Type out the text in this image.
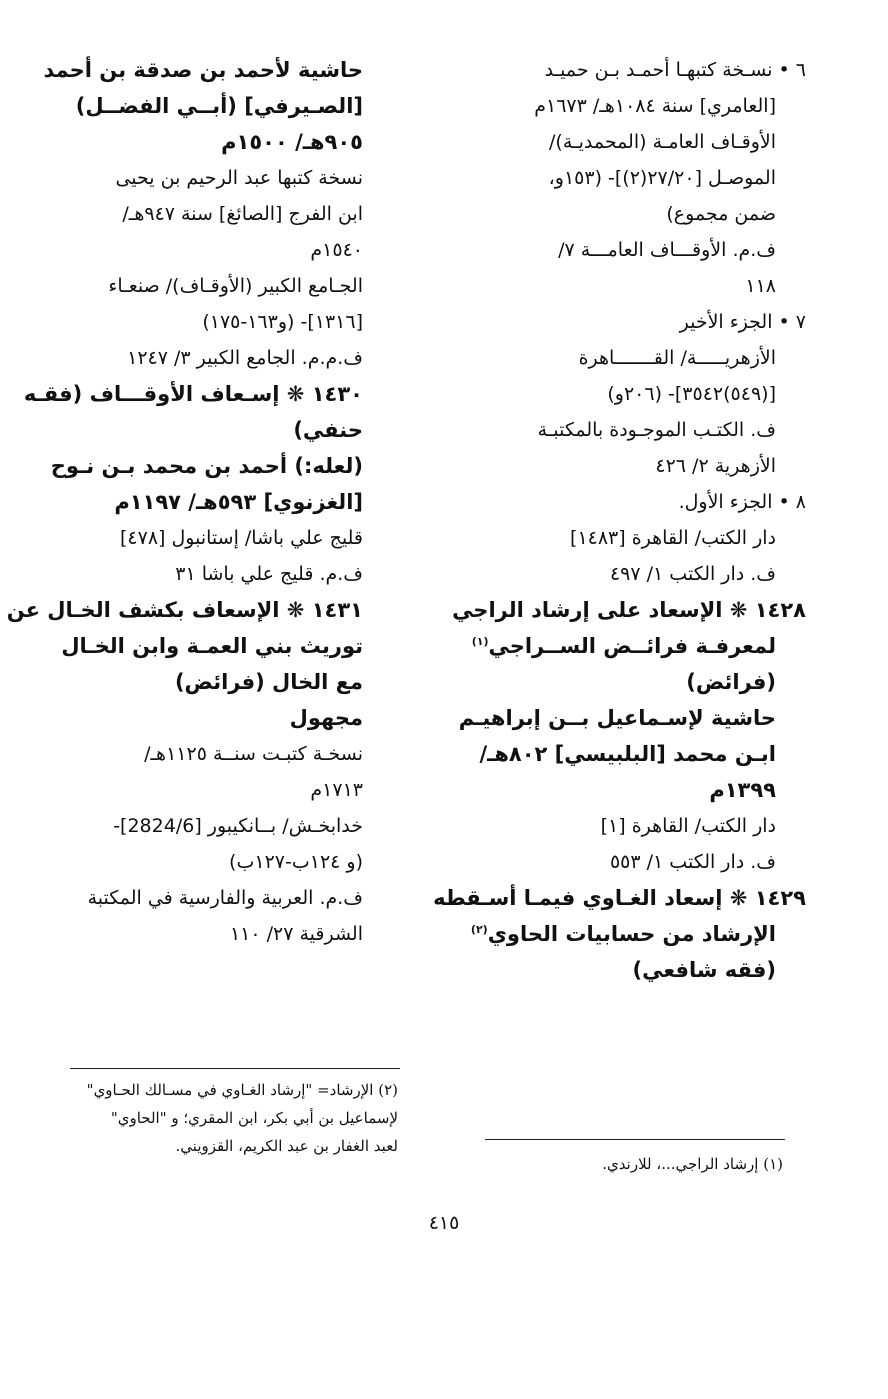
٦ • نسـخة كتبهـا أحمـد بـن حميـد
[العامري] سنة ١٠٨٤هـ/ ١٦٧٣م
الأوقـاف العامـة (المحمديـة)/
الموصـل [٢٧/٢٠(٢)]- (١٥٣و،
ضمن مجموع)
ف.م. الأوقـــاف العامـــة ٧/
١١٨
٧ • الجزء الأخير
الأزهريـــــة/ القـــــــاهرة
[(٥٤٩)٣٥٤٢]- (٢٠٦و)
ف. الكتـب الموجـودة بالمكتبـة
الأزهرية ٢/ ٤٢٦
٨ • الجزء الأول.
دار الكتب/ القاهرة [١٤٨٣]
ف. دار الكتب ١/ ٤٩٧
١٤٢٨ ❋ الإسعاد على إرشاد الراجي
لمعرفـة فرائــض الســراجي$^{(١)}$
(فرائض)
حاشية لإسـماعيل بــن إبراهيـم
ابـن محمد [البلبيسي] ٨٠٢هـ/
١٣٩٩م
دار الكتب/ القاهرة [١]
ف. دار الكتب ١/ ٥٥٣
١٤٢٩ ❋ إسعاد الغـاوي فيمـا أسـقطه
الإرشاد من حسابيات الحاوي$^{(٢)}$
(فقه شافعي)
حاشية لأحمد بن صدقة بن أحمد
[الصـيرفي] (أبــي الفضــل)
٩٠٥هـ/ ١٥٠٠م
نسخة كتبها عبد الرحيم بن يحيى
ابن الفرج [الصائغ] سنة ٩٤٧هـ/
١٥٤٠م
الجـامع الكبير (الأوقـاف)/ صنعـاء
[١٣١٦]- (و١٦٣-١٧٥)
ف.م.م. الجامع الكبير ٣/ ١٢٤٧
١٤٣٠ ❋ إسـعاف الأوقـــاف (فقـه
حنفي)
(لعله:) أحمد بن محمد بـن نـوح
[الغزنوي] ٥٩٣هـ/ ١١٩٧م
قليج علي باشا/ إستانبول [٤٧٨]
ف.م. قليج علي باشا ٣١
١٤٣١ ❋ الإسعاف بكشف الخـال عن
توريث بني العمـة وابن الخـال
مع الخال (فرائض)
مجهول
نسخـة كتبـت سنــة ١١٢٥هـ/
١٧١٣م
خدابخـش/ بــانكيبور [2824/6]-
(و ١٢٤ب-١٢٧ب)
ف.م. العربية والفارسية في المكتبة
الشرقية ٢٧/ ١١٠
(٢) الإرشاد= "إرشاد الغـاوي في مسـالك الحـاوي"
لإسماعيل بن أبي بكر، ابن المقري؛ و "الحاوي"
لعبد الغفار بن عبد الكريم، القزويني.
(١) إرشاد الراجي...، للارندي.
٤١٥
